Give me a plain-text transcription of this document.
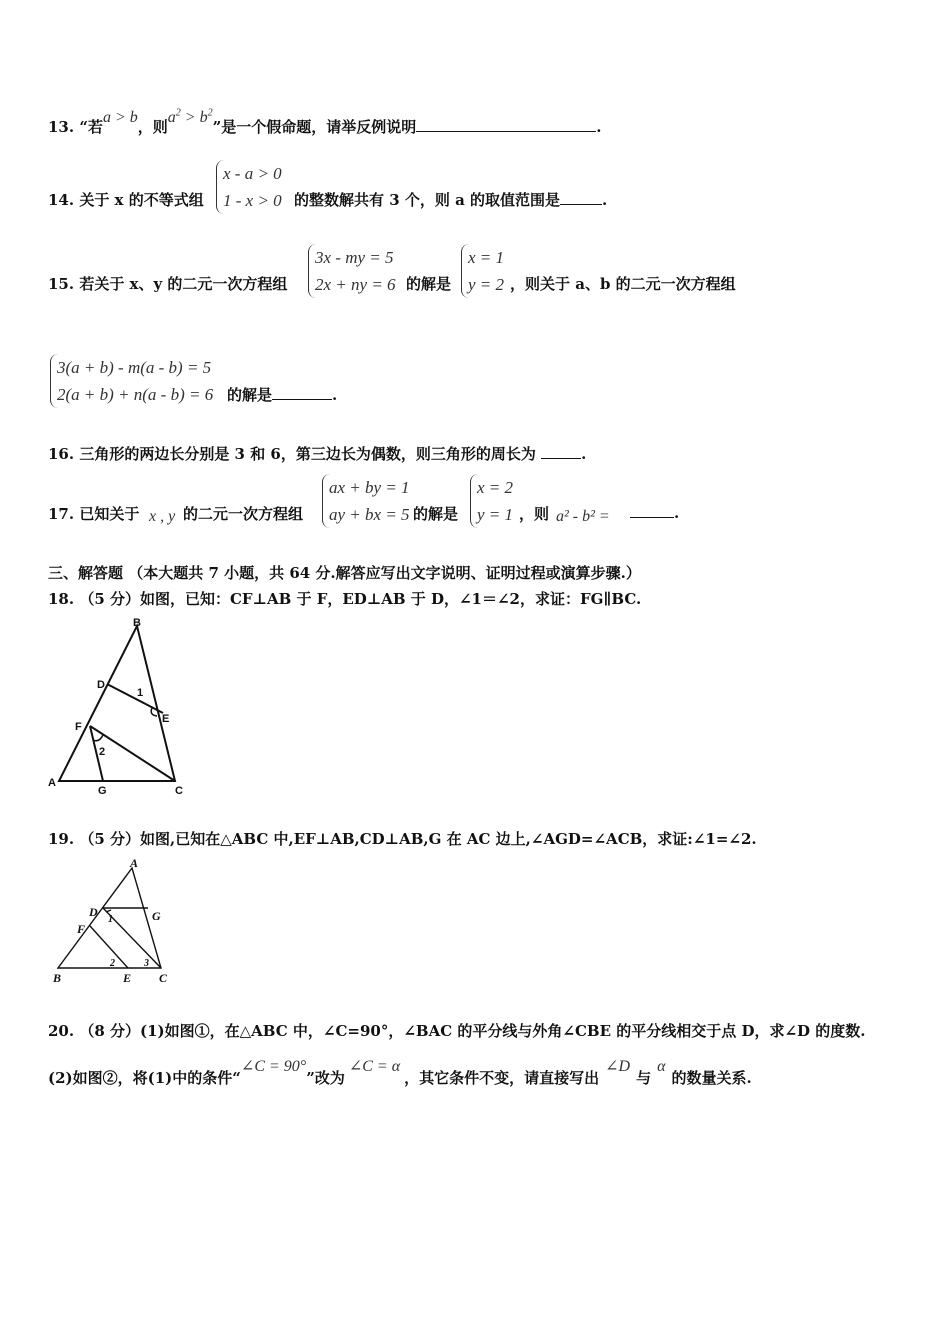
13. “若a > b，则$a^2 > b^2$”是一个假命题，请举反例说明	.
14. 关于 x 的不等式组
x - a > 0
1 - x > 0 的整数解共有 3 个，则 a 的取值范围是	.
15. 若关于 x、y 的二元一次方程组
3x - my = 5
2x + ny = 6 的解是
x = 1
y = 2 ，则关于 a、b 的二元一次方程组
3(a + b) - m(a - b) = 5
2(a + b) + n(a - b) = 6 的解是	.
16. 三角形的两边长分别是 3 和 6，第三边长为偶数，则三角形的周长为	.
17. 已知关于 x , y 的二元一次方程组
ax + by = 1
ay + bx = 5 的解是
x = 2
y = 1 ，则 a² - b² =	.
三、解答题 （本大题共 7 小题，共 64 分.解答应写出文字说明、证明过程或演算步骤.）
18. （5 分）如图，已知：CF⊥AB 于 F，ED⊥AB 于 D，∠1＝∠2，求证：FG∥BC.
B
D
1
E
F
2
A
G	C
19. （5 分）如图,已知在△ABC 中,EF⊥AB,CD⊥AB,G 在 AC 边上,∠AGD=∠ACB，求证:∠1=∠2.
A
D
1	G
F
2	3
B	E C
20. （8 分）(1)如图①，在△ABC 中，∠C=90°，∠BAC 的平分线与外角∠CBE 的平分线相交于点 D，求∠D 的度数.
(2)如图②，将(1)中的条件“∠C = 90°”改为∠C = α，其它条件不变，请直接写出∠D与α的数量关系.
